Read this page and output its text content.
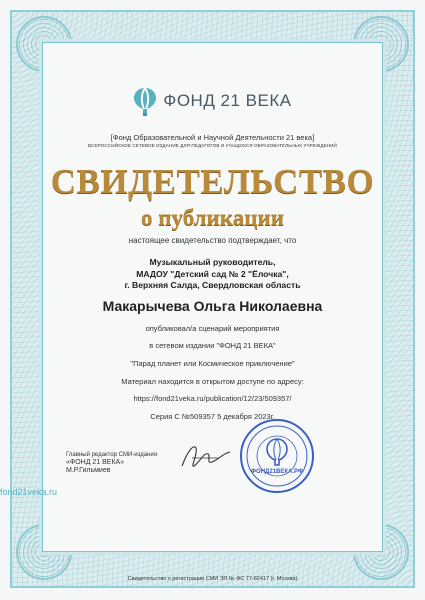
ФОНД 21 ВЕКА
[Фонд Образовательной и Научной Деятельности 21 века]
ВСЕРОССИЙСКОЕ СЕТЕВОЕ ИЗДАНИЕ ДЛЯ ПЕДАГОГОВ И УЧАЩИХСЯ ОБРАЗОВАТЕЛЬНЫХ УЧРЕЖДЕНИЙ
СВИДЕТЕЛЬСТВО
о публикации
настоящее свидетельство подтверждает, что
Музыкальный руководитель,
МАДОУ "Детский сад № 2 "Ёлочка",
г. Верхняя Салда, Свердловская область
Макарычева Ольга Николаевна
опубликовал/а сценарий мероприятия
в сетевом издании "ФОНД 21 ВЕКА"
"Парад планет или Космическое приключение"
Материал находится в открытом доступе по адресу:
https://fond21veka.ru/publication/12/23/509357/
Серия С №509357 5 декабря 2023г.
Главный редактор СМИ-издания
«ФОНД 21 ВЕКА»
М.Р.Гильмиев	ФОНД21ВЕКА.РФ
fond21veka.ru
Свидетельство о регистрации СМИ ЭЛ № ФС 77-82417 (г. Москва)
